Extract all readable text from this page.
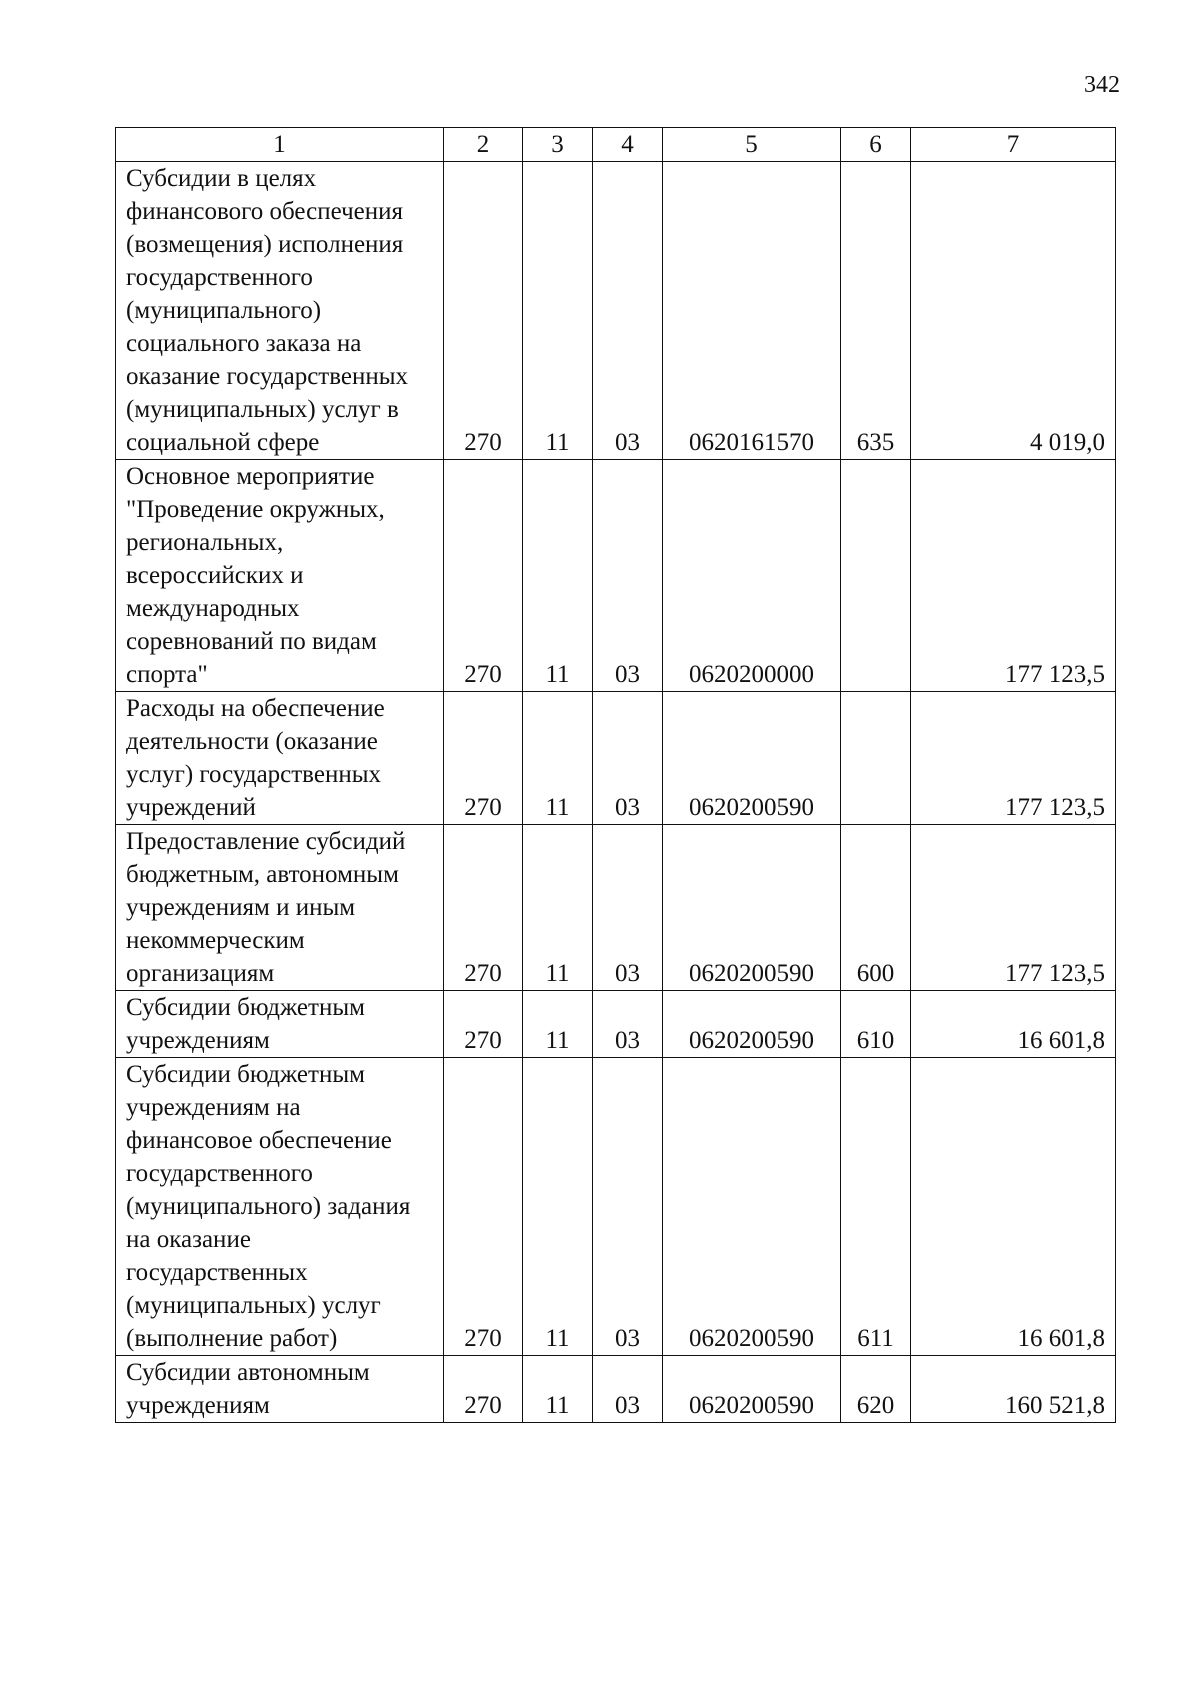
342
1	2	3	4	5	6	7
Субсидии в целях финансового обеспечения (возмещения) исполнения государственного (муниципального) социального заказа на оказание государственных (муниципальных) услуг в социальной сфере	270	11	03	0620161570	635	4 019,0
Основное мероприятие "Проведение окружных, региональных, всероссийских и международных соревнований по видам спорта"	270	11	03	0620200000		177 123,5
Расходы на обеспечение деятельности (оказание услуг) государственных учреждений	270	11	03	0620200590		177 123,5
Предоставление субсидий бюджетным, автономным учреждениям и иным некоммерческим организациям	270	11	03	0620200590	600	177 123,5
Субсидии бюджетным учреждениям	270	11	03	0620200590	610	16 601,8
Субсидии бюджетным учреждениям на финансовое обеспечение государственного (муниципального) задания на оказание государственных (муниципальных) услуг (выполнение работ)	270	11	03	0620200590	611	16 601,8
Субсидии автономным учреждениям	270	11	03	0620200590	620	160 521,8
